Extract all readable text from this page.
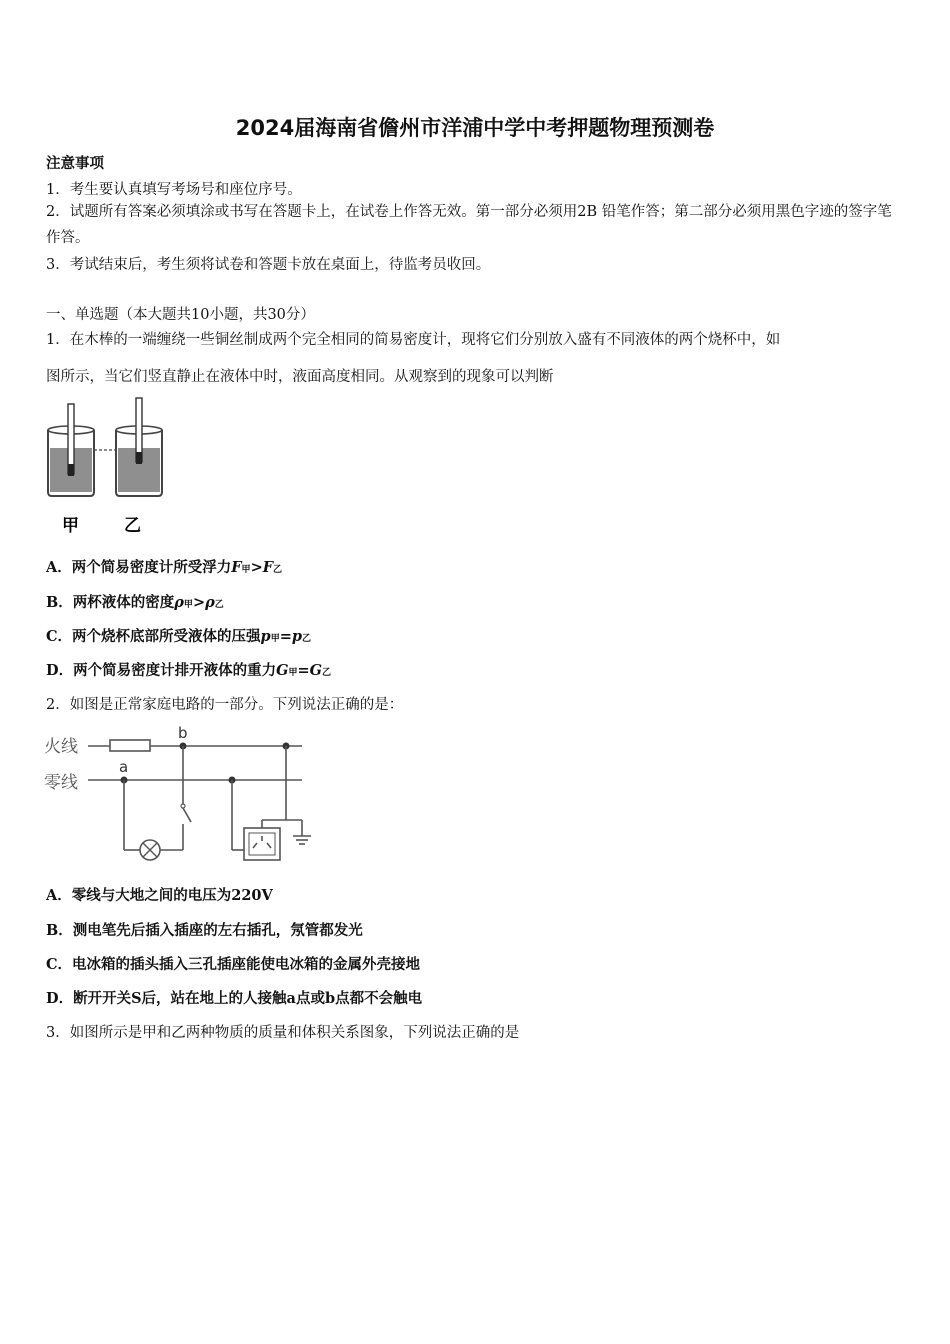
2024届海南省儋州市洋浦中学中考押题物理预测卷
注意事项
1．考生要认真填写考场号和座位序号。
2．试题所有答案必须填涂或书写在答题卡上，在试卷上作答无效。第一部分必须用2B 铅笔作答；第二部分必须用黑色字迹的签字笔作答。
3．考试结束后，考生须将试卷和答题卡放在桌面上，待监考员收回。
一、单选题（本大题共10小题，共30分）
1．在木棒的一端缠绕一些铜丝制成两个完全相同的简易密度计，现将它们分别放入盛有不同液体的两个烧杯中，如
图所示，当它们竖直静止在液体中时，液面高度相同。从观察到的现象可以判断
甲	乙
A．两个简易密度计所受浮力F甲>F乙
B．两杯液体的密度ρ甲>ρ乙
C．两个烧杯底部所受液体的压强p甲=p乙
D．两个简易密度计排开液体的重力G甲=G乙
2．如图是正常家庭电路的一部分。下列说法正确的是：
火线
零线
b
a
A．零线与大地之间的电压为220V
B．测电笔先后插入插座的左右插孔，氖管都发光
C．电冰箱的插头插入三孔插座能使电冰箱的金属外壳接地
D．断开开关S后，站在地上的人接触a点或b点都不会触电
3．如图所示是甲和乙两种物质的质量和体积关系图象，下列说法正确的是
